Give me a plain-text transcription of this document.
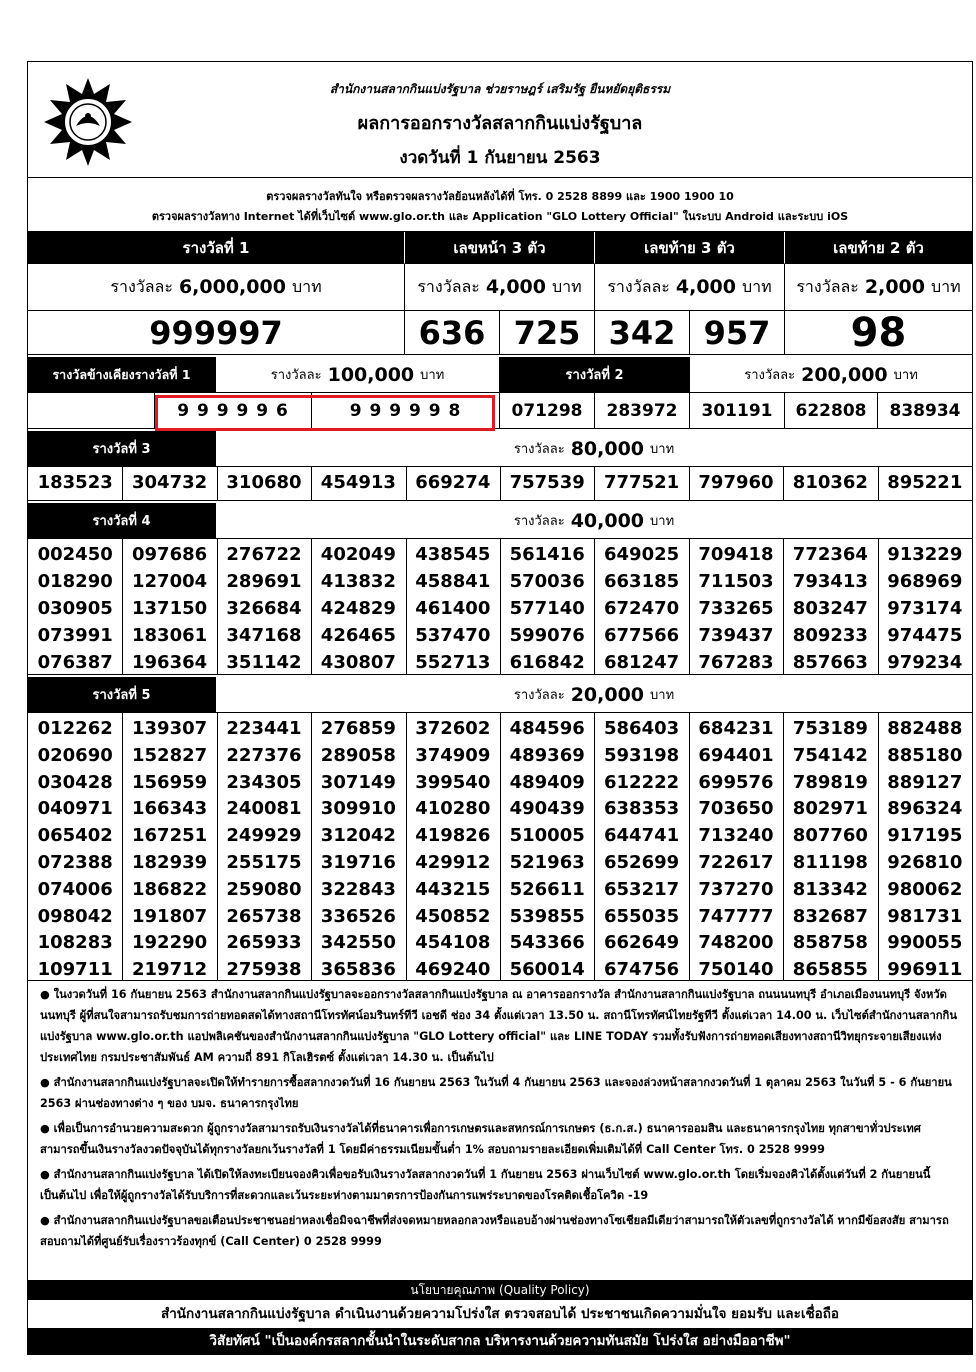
สำนักงานสลากกินแบ่งรัฐบาล ช่วยราษฎร์ เสริมรัฐ ยืนหยัดยุติธรรม
ผลการออกรางวัลสลากกินแบ่งรัฐบาล
งวดวันที่ 1 กันยายน 2563
ตรวจผลรางวัลทันใจ หรือตรวจผลรางวัลย้อนหลังได้ที่ โทร. 0 2528 8899 และ 1900 1900 10
ตรวจผลรางวัลทาง Internet ได้ที่เว็บไซต์ www.glo.or.th และ Application "GLO Lottery Official" ในระบบ Android และระบบ iOS
รางวัลที่ 1	เลขหน้า 3 ตัว	เลขท้าย 3 ตัว	เลขท้าย 2 ตัว
รางวัลละ 6,000,000 บาท	รางวัลละ 4,000 บาท รางวัลละ 4,000 บาท รางวัลละ 2,000 บาท
999997	636 725 342 957	98
รางวัลข้างเคียงรางวัลที่ 1	รางวัลละ 100,000 บาท	รางวัลที่ 2	รางวัลละ 200,000 บาท
9 9 9 9 9 6	9 9 9 9 9 8	071298	283972	301191	622808	838934
รางวัลที่ 3	รางวัลละ 80,000 บาท
183523	304732	310680	454913	669274	757539	777521	797960	810362	895221
รางวัลที่ 4	รางวัลละ 40,000 บาท
002450	097686	276722	402049	438545	561416	649025	709418	772364	913229
018290	127004	289691	413832	458841	570036	663185	711503	793413	968969
030905	137150	326684	424829	461400	577140	672470	733265	803247	973174
073991	183061	347168	426465	537470	599076	677566	739437	809233	974475
076387	196364	351142	430807	552713	616842	681247	767283	857663	979234
รางวัลที่ 5	รางวัลละ 20,000 บาท
012262	139307	223441	276859	372602	484596	586403	684231	753189	882488
020690	152827	227376	289058	374909	489369	593198	694401	754142	885180
030428	156959	234305	307149	399540	489409	612222	699576	789819	889127
040971	166343	240081	309910	410280	490439	638353	703650	802971	896324
065402	167251	249929	312042	419826	510005	644741	713240	807760	917195
072388	182939	255175	319716	429912	521963	652699	722617	811198	926810
074006	186822	259080	322843	443215	526611	653217	737270	813342	980062
098042	191807	265738	336526	450852	539855	655035	747777	832687	981731
108283	192290	265933	342550	454108	543366	662649	748200	858758	990055
109711	219712	275938	365836	469240	560014	674756	750140	865855	996911

● ในงวดวันที่ 16 กันยายน 2563 สำนักงานสลากกินแบ่งรัฐบาลจะออกรางวัลสลากกินแบ่งรัฐบาล ณ อาคารออกรางวัล สำนักงานสลากกินแบ่งรัฐบาล ถนนนนทบุรี อำเภอเมืองนนทบุรี จังหวัดนนทบุรี ผู้ที่สนใจสามารถรับชมการถ่ายทอดสดได้ทางสถานีโทรทัศน์อมรินทร์ทีวี เอชดี ช่อง 34 ตั้งแต่เวลา 13.50 น. สถานีโทรทัศน์ไทยรัฐทีวี ตั้งแต่เวลา 14.00 น. เว็บไซต์สำนักงานสลากกินแบ่งรัฐบาล www.glo.or.th แอปพลิเคชันของสำนักงานสลากกินแบ่งรัฐบาล "GLO Lottery official" และ LINE TODAY รวมทั้งรับฟังการถ่ายทอดเสียงทางสถานีวิทยุกระจายเสียงแห่งประเทศไทย กรมประชาสัมพันธ์ AM ความถี่ 891 กิโลเฮิรตซ์ ตั้งแต่เวลา 14.30 น. เป็นต้นไป

● สำนักงานสลากกินแบ่งรัฐบาลจะเปิดให้ทำรายการซื้อสลากงวดวันที่ 16 กันยายน 2563 ในวันที่ 4 กันยายน 2563 และจองล่วงหน้าสลากงวดวันที่ 1 ตุลาคม 2563 ในวันที่ 5 - 6 กันยายน 2563 ผ่านช่องทางต่าง ๆ ของ บมจ. ธนาคารกรุงไทย

● เพื่อเป็นการอำนวยความสะดวก ผู้ถูกรางวัลสามารถรับเงินรางวัลได้ที่ธนาคารเพื่อการเกษตรและสหกรณ์การเกษตร (ธ.ก.ส.) ธนาคารออมสิน และธนาคารกรุงไทย ทุกสาขาทั่วประเทศ สามารถขึ้นเงินรางวัลงวดปัจจุบันได้ทุกรางวัลยกเว้นรางวัลที่ 1 โดยมีค่าธรรมเนียมขั้นต่ำ 1% สอบถามรายละเอียดเพิ่มเติมได้ที่ Call Center โทร. 0 2528 9999

● สำนักงานสลากกินแบ่งรัฐบาล ได้เปิดให้ลงทะเบียนจองคิวเพื่อขอรับเงินรางวัลสลากงวดวันที่ 1 กันยายน 2563 ผ่านเว็บไซต์ www.glo.or.th โดยเริ่มจองคิวได้ตั้งแต่วันที่ 2 กันยายนนี้ เป็นต้นไป เพื่อให้ผู้ถูกรางวัลได้รับบริการที่สะดวกและเว้นระยะห่างตามมาตรการป้องกันการแพร่ระบาดของโรคติดเชื้อโควิด -19

● สำนักงานสลากกินแบ่งรัฐบาลขอเตือนประชาชนอย่าหลงเชื่อมิจฉาชีพที่ส่งจดหมายหลอกลวงหรือแอบอ้างผ่านช่องทางโซเชียลมีเดียว่าสามารถให้ตัวเลขที่ถูกรางวัลได้ หากมีข้อสงสัย สามารถสอบถามได้ที่ศูนย์รับเรื่องราวร้องทุกข์ (Call Center) 0 2528 9999

นโยบายคุณภาพ (Quality Policy)
สำนักงานสลากกินแบ่งรัฐบาล ดำเนินงานด้วยความโปร่งใส ตรวจสอบได้ ประชาชนเกิดความมั่นใจ ยอมรับ และเชื่อถือ
วิสัยทัศน์ "เป็นองค์กรสลากชั้นนำในระดับสากล บริหารงานด้วยความทันสมัย โปร่งใส อย่างมืออาชีพ"
